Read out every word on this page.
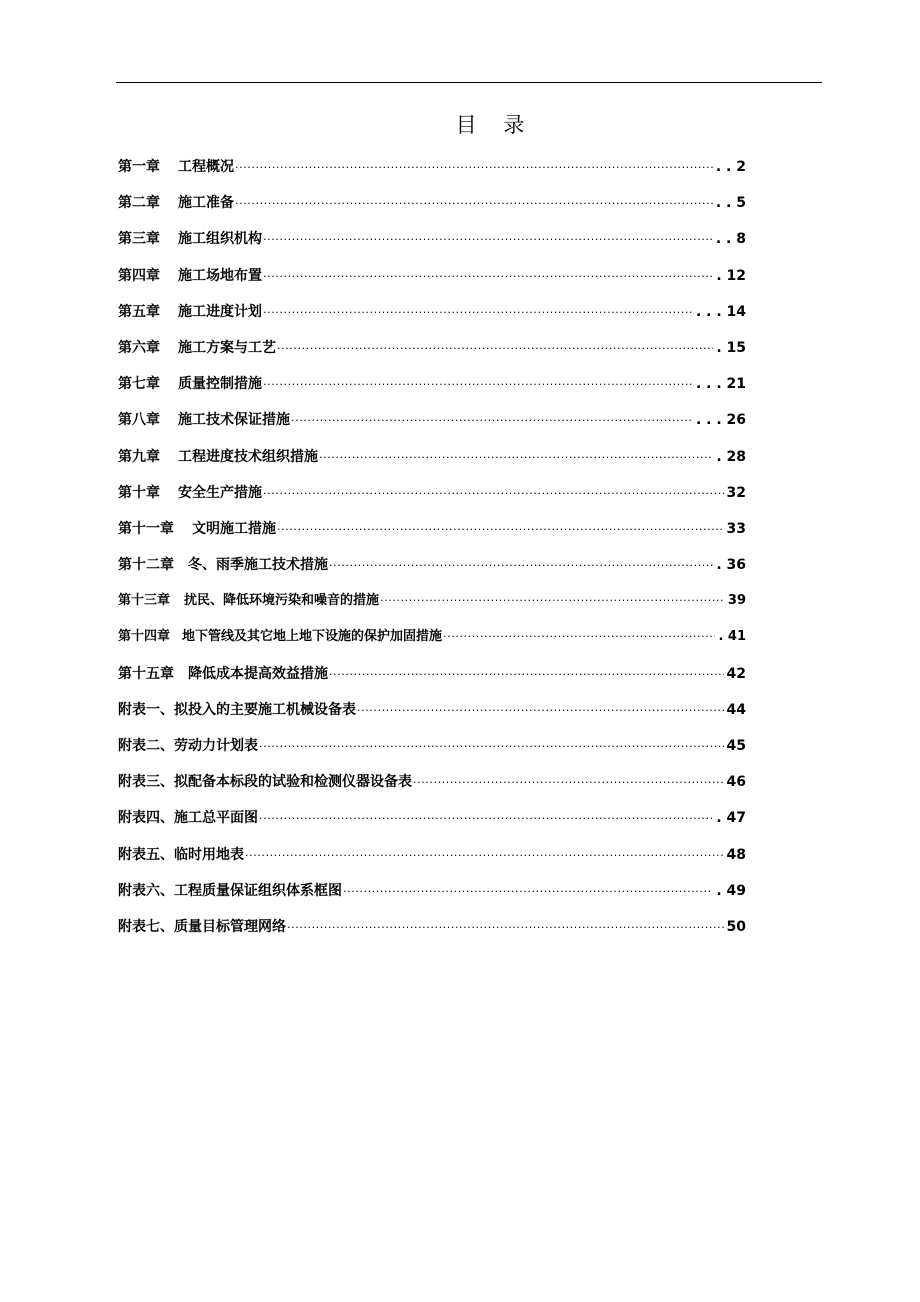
目 录
第一章 工程概况 ·····	. . 2
第二章 施工准备 ·····	. . 5
第三章 施工组织机构 ·····	. . 8
第四章 施工场地布置 ·····	. 12
第五章 施工进度计划 ·····	. . . 14
第六章 施工方案与工艺 ·····	. 15
第七章 质量控制措施 ·····	. . . 21
第八章 施工技术保证措施 ·····	. . . 26
第九章 工程进度技术组织措施 ·····	. 28
第十章 安全生产措施 ·····	32
第十一章 文明施工措施 ·····	33
第十二章 冬、雨季施工技术措施 ·····	. 36
第十三章 扰民、降低环境污染和噪音的措施 ·····	39
第十四章 地下管线及其它地上地下设施的保护加固措施 ·····	. 41
第十五章 降低成本提高效益措施 ·····	42
附表一、 拟投入的主要施工机械设备表 ·····	44
附表二、 劳动力计划表 ·····	45
附表三、 拟配备本标段的试验和检测仪器设备表 ·····	46
附表四、 施工总平面图 ·····	. 47
附表五、 临时用地表 ·····	48
附表六、 工程质量保证组织体系框图 ·····	. 49
附表七、 质量目标管理网络 ·····	50
